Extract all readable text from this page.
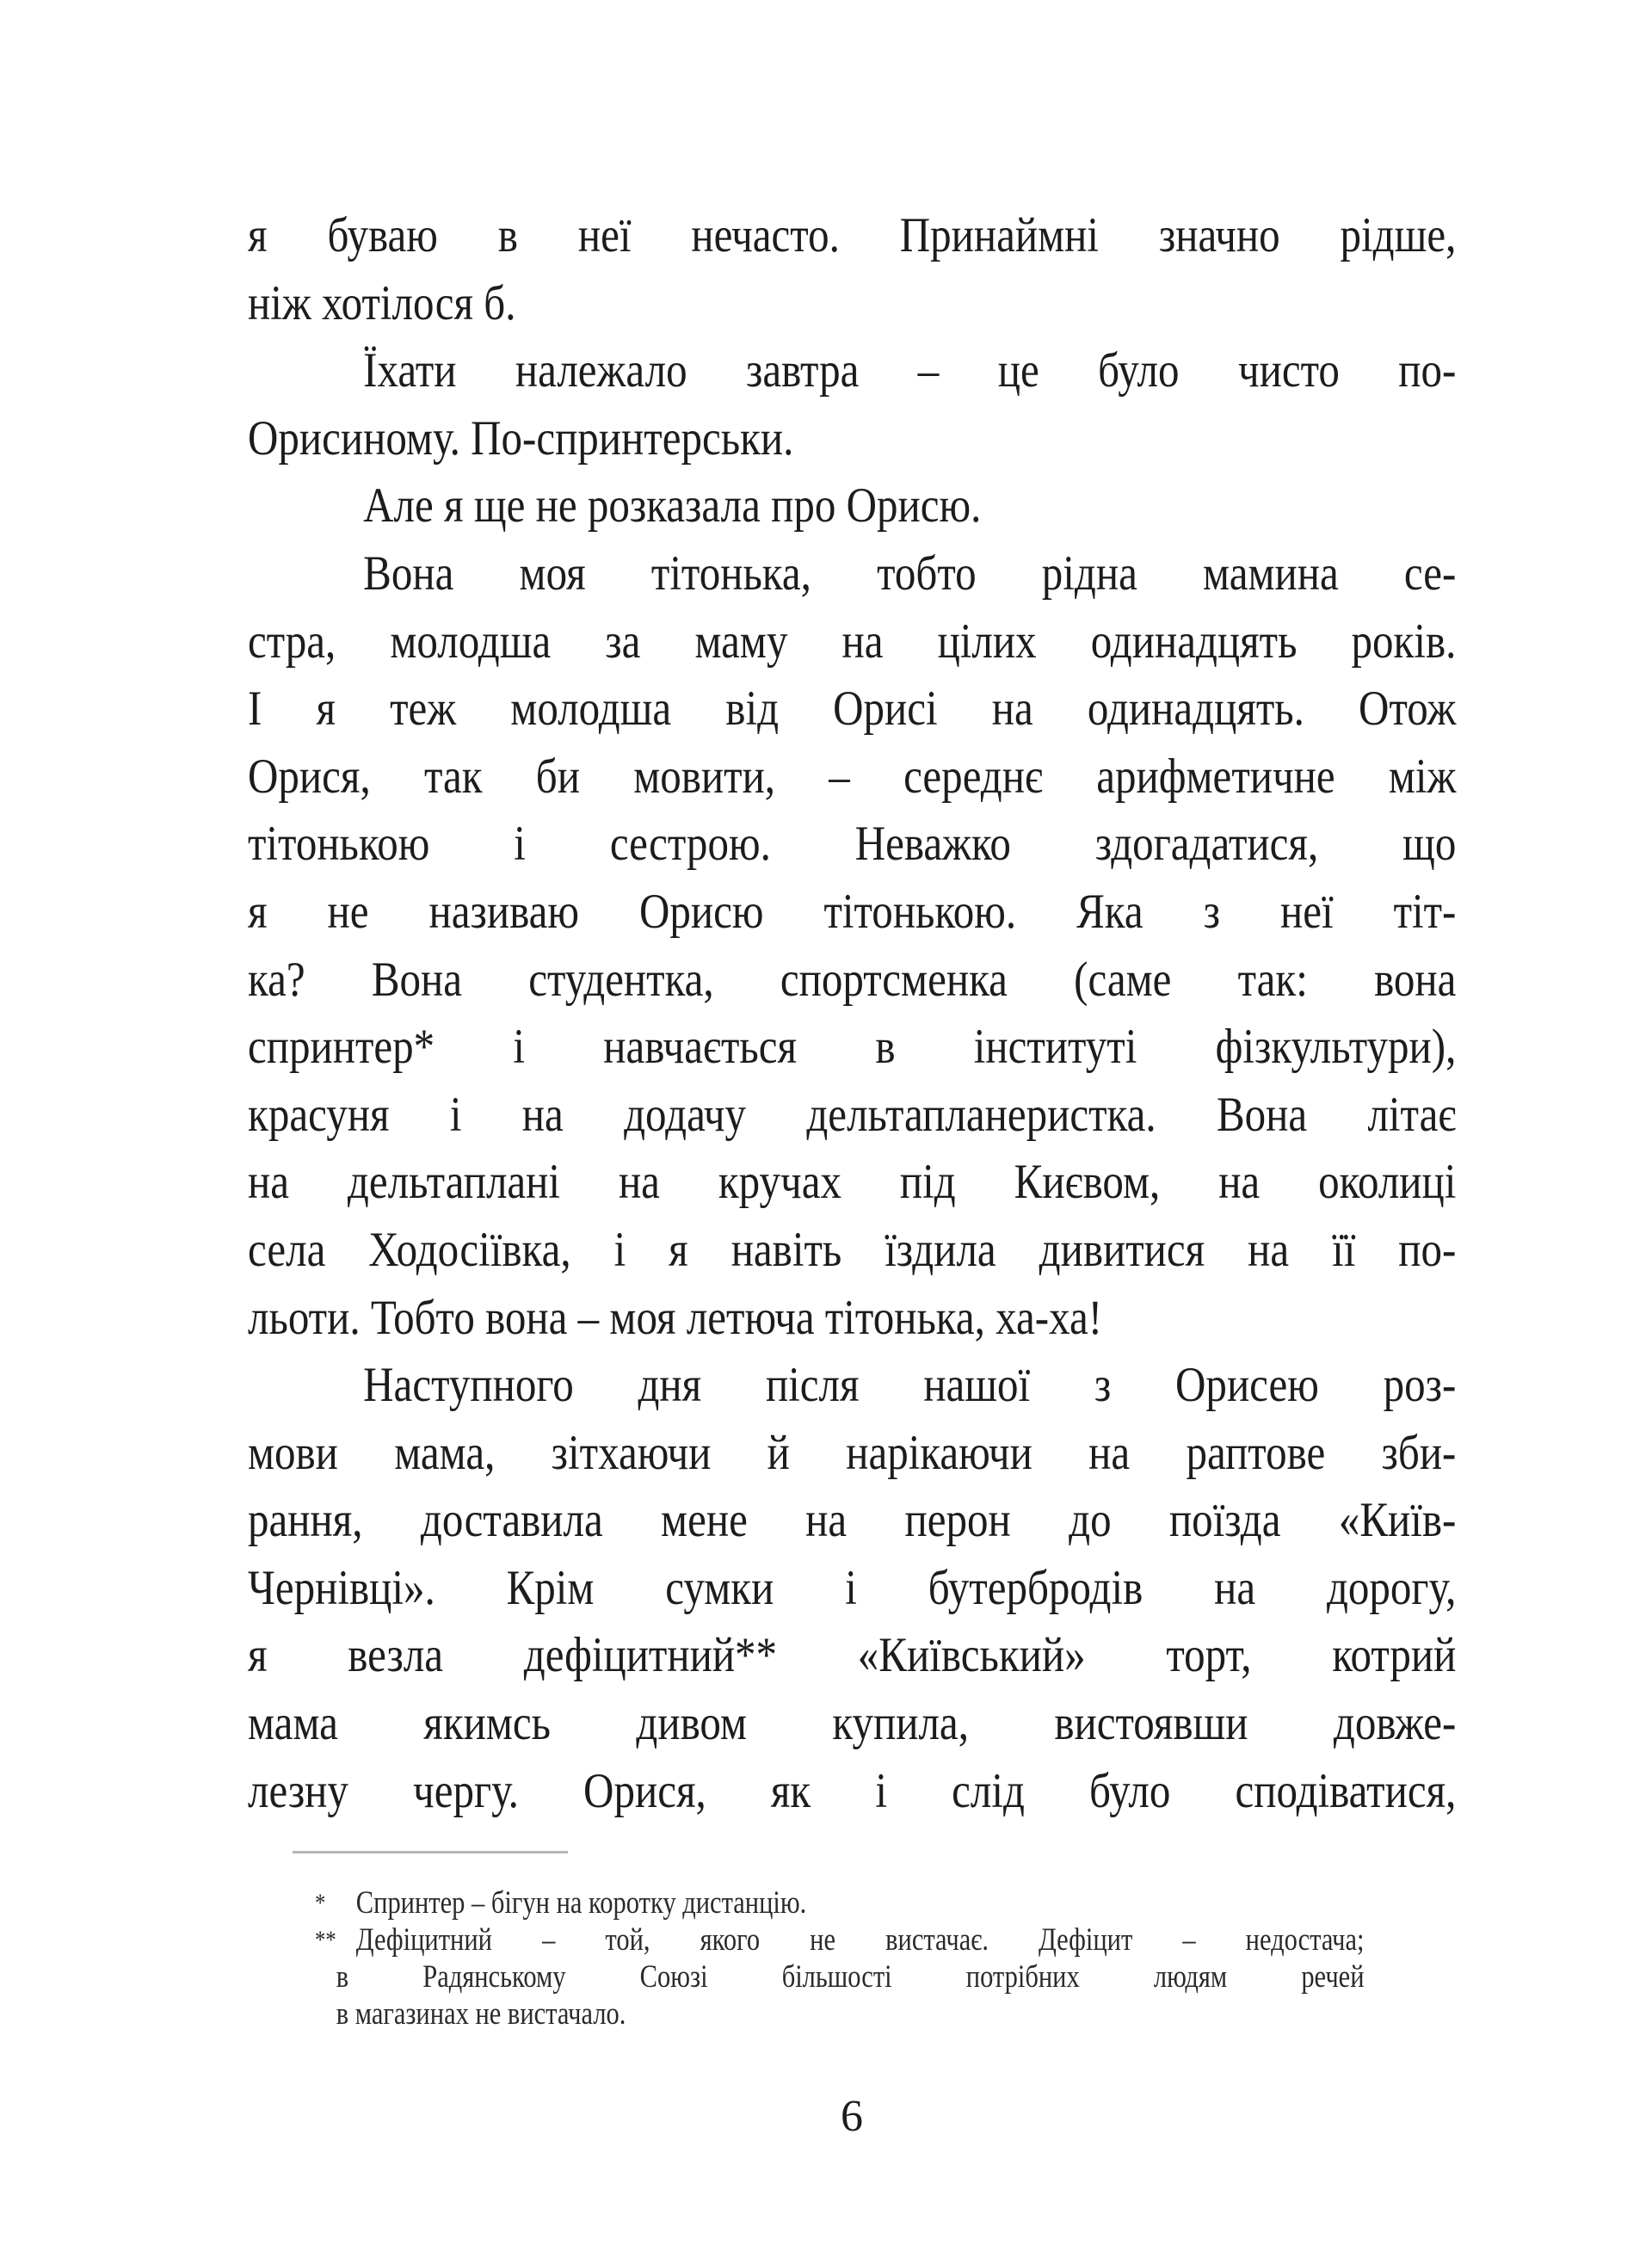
я буваю в неї нечасто. Принаймні значно рідше,
ніж хотілося б.
Їхати належало завтра – це було чисто по-
Орисиному. По-спринтерськи.
Але я ще не розказала про Орисю.
Вона моя тітонька, тобто рідна мамина се-
стра, молодша за маму на цілих одинадцять років.
І я теж молодша від Орисі на одинадцять. Отож
Орися, так би мовити, – середнє арифметичне між
тітонькою і сестрою. Неважко здогадатися, що
я не називаю Орисю тітонькою. Яка з неї тіт-
ка? Вона студентка, спортсменка (саме так: вона
спринтер* і навчається в інституті фізкультури),
красуня і на додачу дельтапланеристка. Вона літає
на дельтаплані на кручах під Києвом, на околиці
села Ходосіївка, і я навіть їздила дивитися на її по-
льоти. Тобто вона – моя летюча тітонька, ха-ха!
Наступного дня після нашої з Орисею роз-
мови мама, зітхаючи й нарікаючи на раптове зби-
рання, доставила мене на перон до поїзда «Київ-
Чернівці». Крім сумки і бутербродів на дорогу,
я везла дефіцитний** «Київський» торт, котрий
мама якимсь дивом купила, вистоявши довже-
лезну чергу. Орися, як і слід було сподіватися,
* Спринтер – бігун на коротку дистанцію.
** Дефіцитний – той, якого не вистачає. Дефіцит – недостача;
в Радянському Союзі більшості потрібних людям речей
в магазинах не вистачало.
6
